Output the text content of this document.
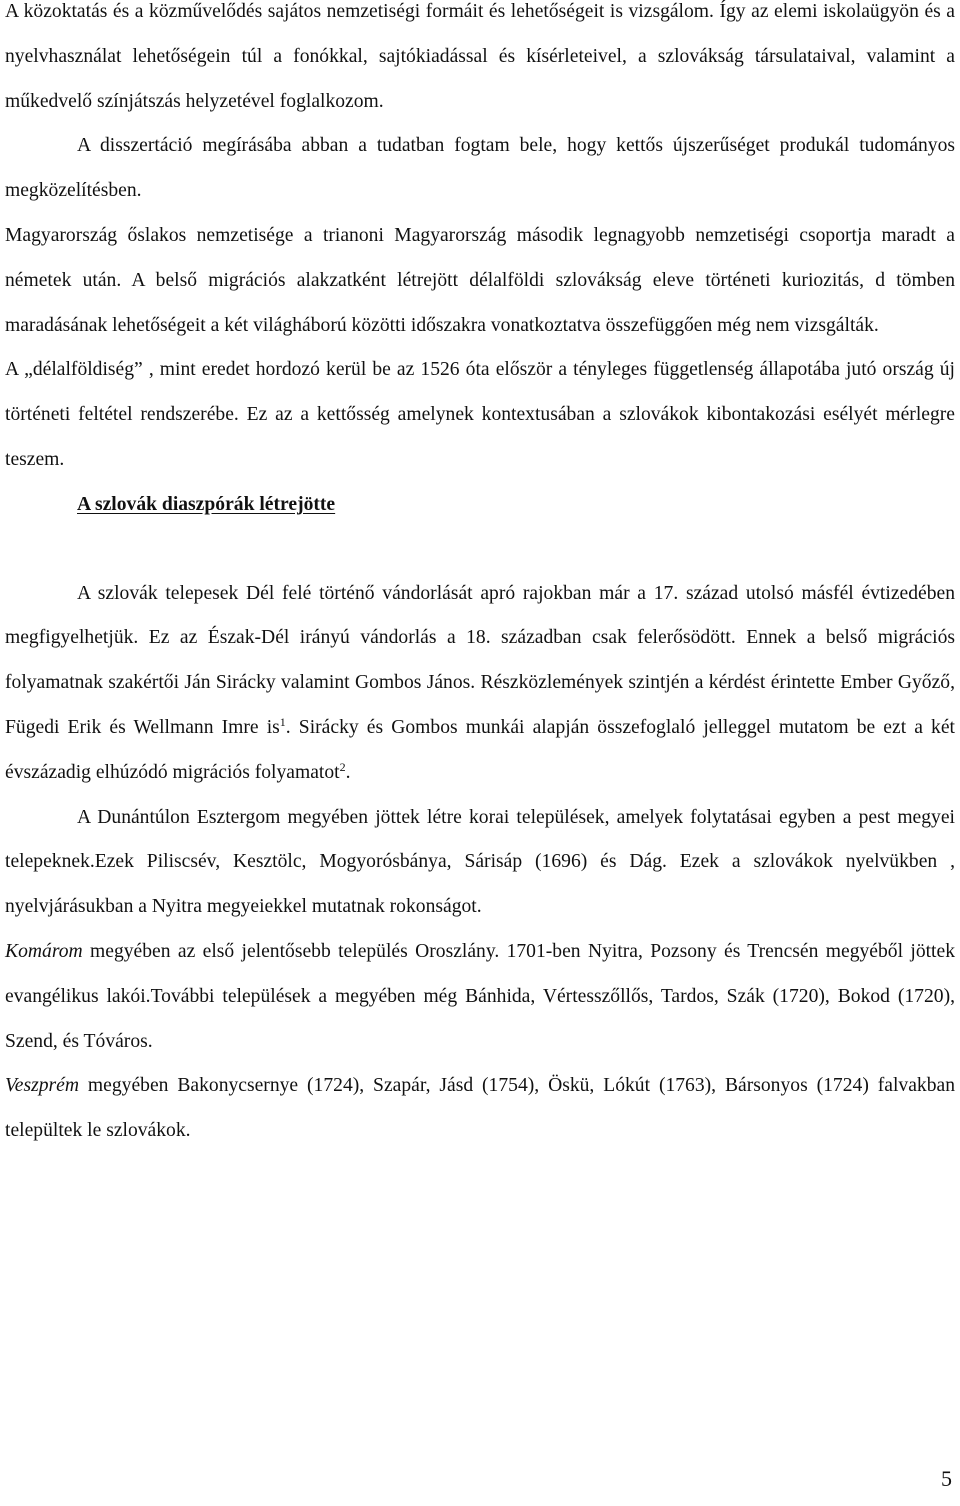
A közoktatás és a közművelődés sajátos nemzetiségi formáit és lehetőségeit is vizsgálom. Így az elemi iskolaügyön és a nyelvhasználat lehetőségein túl a fonókkal, sajtókiadással és kísérleteivel, a szlovákság társulataival, valamint a műkedvelő színjátszás helyzetével foglalkozom.

A disszertáció megírásába abban a tudatban fogtam bele, hogy kettős újszerűséget produkál tudományos megközelítésben.

Magyarország őslakos nemzetisége a trianoni Magyarország második legnagyobb nemzetiségi csoportja maradt a németek után. A belső migrációs alakzatként létrejött délalföldi szlovákság eleve történeti kuriozitás, d tömben maradásának lehetőségeit a két világháború közötti időszakra vonatkoztatva összefüggően még nem vizsgálták.

A „délalföldiség” , mint eredet hordozó kerül be az 1526 óta először a tényleges függetlenség állapotába jutó ország új történeti feltétel rendszerébe. Ez az a kettősség amelynek kontextusában a szlovákok kibontakozási esélyét mérlegre teszem.

A szlovák diaszpórák létrejötte

A szlovák telepesek Dél felé történő vándorlását apró rajokban már a 17. század utolsó másfél évtizedében megfigyelhetjük. Ez az Észak-Dél irányú vándorlás a 18. században csak felerősödött. Ennek a belső migrációs folyamatnak szakértői Ján Sirácky valamint Gombos János. Részközlemények szintjén a kérdést érintette Ember Győző, Fügedi Erik és Wellmann Imre $is^1$. Sirácky és Gombos munkái alapján összefoglaló jelleggel mutatom be ezt a két évszázadig elhúzódó migrációs folyamatot$^2$.

A Dunántúlon Esztergom megyében jöttek létre korai települések, amelyek folytatásai egyben a pest megyei telepeknek.Ezek Piliscsév, Kesztölc, Mogyorósbánya, Sárisáp (1696) és Dág. Ezek a szlovákok nyelvükben , nyelvjárásukban a Nyitra megyeiekkel mutatnak rokonságot.

Komárom megyében az első jelentősebb település Oroszlány. 1701-ben Nyitra, Pozsony és Trencsén megyéből jöttek evangélikus lakói.További települések a megyében még Bánhida, Vértesszőllős, Tardos, Szák (1720), Bokod (1720), Szend, és Tóváros.

Veszprém megyében Bakonycsernye (1724), Szapár, Jásd (1754), Öskü, Lókút (1763), Bársonyos (1724) falvakban települtek le szlovákok.

5
